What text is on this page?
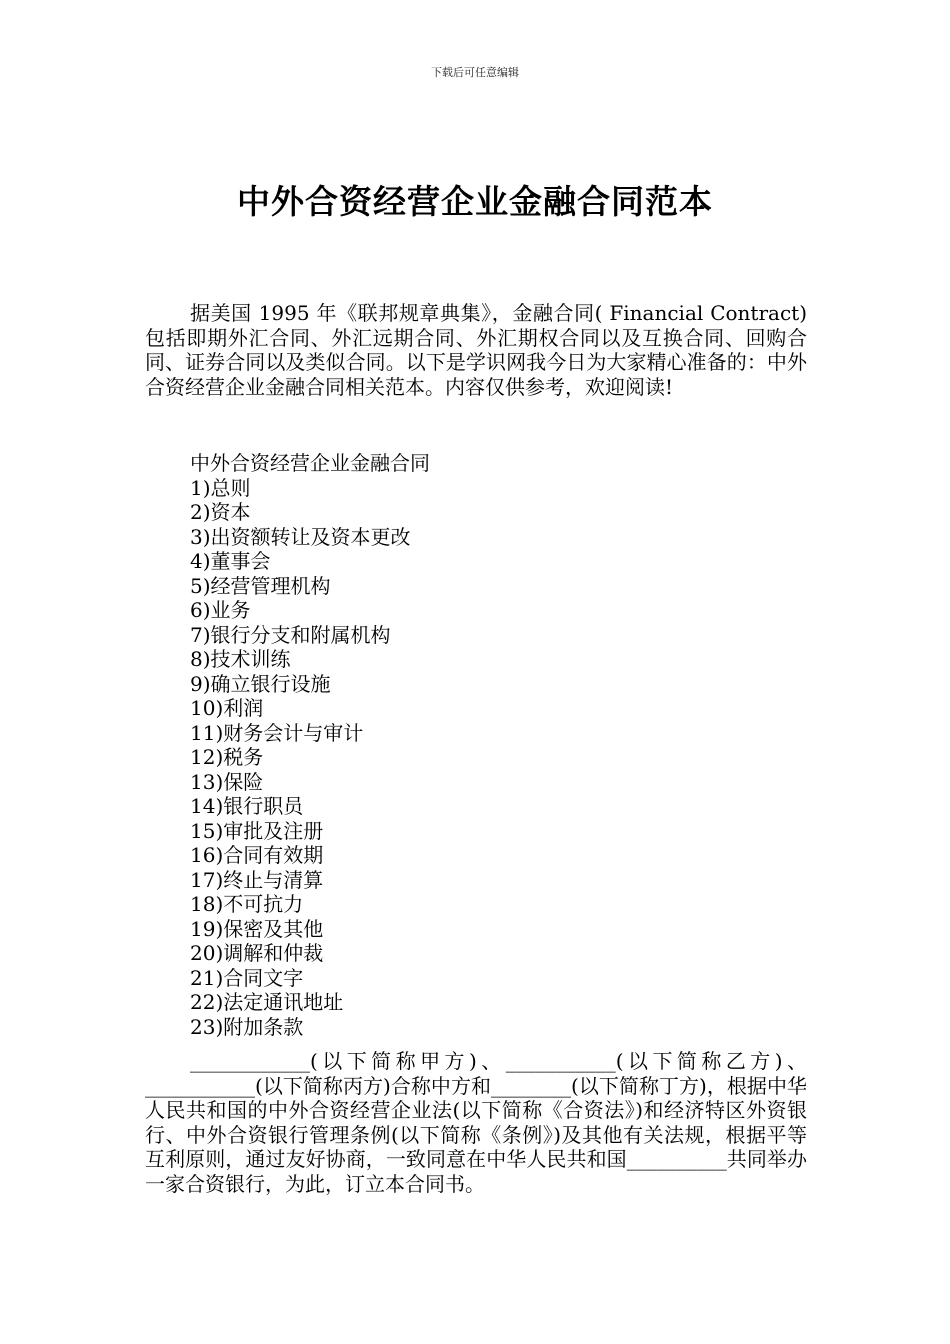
下载后可任意编辑
中外合资经营企业金融合同范本
据美国 1995 年《联邦规章典集》，金融合同( Financial Contract) 包括即期外汇合同、外汇远期合同、外汇期权合同以及互换合同、回购合同、证券合同以及类似合同。以下是学识网我今日为大家精心准备的：中外合资经营企业金融合同相关范本。内容仅供参考，欢迎阅读!
中外合资经营企业金融合同
1)总则
2)资本
3)出资额转让及资本更改
4)董事会
5)经营管理机构
6)业务
7)银行分支和附属机构
8)技术训练
9)确立银行设施
10)利润
11)财务会计与审计
12)税务
13)保险
14)银行职员
15)审批及注册
16)合同有效期
17)终止与清算
18)不可抗力
19)保密及其他
20)调解和仲裁
21)合同文字
22)法定通讯地址
23)附加条款
____________(以下简称甲方)、___________(以下简称乙方)、___________(以下简称丙方)合称中方和________(以下简称丁方)，根据中华人民共和国的中外合资经营企业法(以下简称《合资法》)和经济特区外资银行、中外合资银行管理条例(以下简称《条例》)及其他有关法规，根据平等互利原则，通过友好协商，一致同意在中华人民共和国__________共同举办一家合资银行，为此，订立本合同书。
